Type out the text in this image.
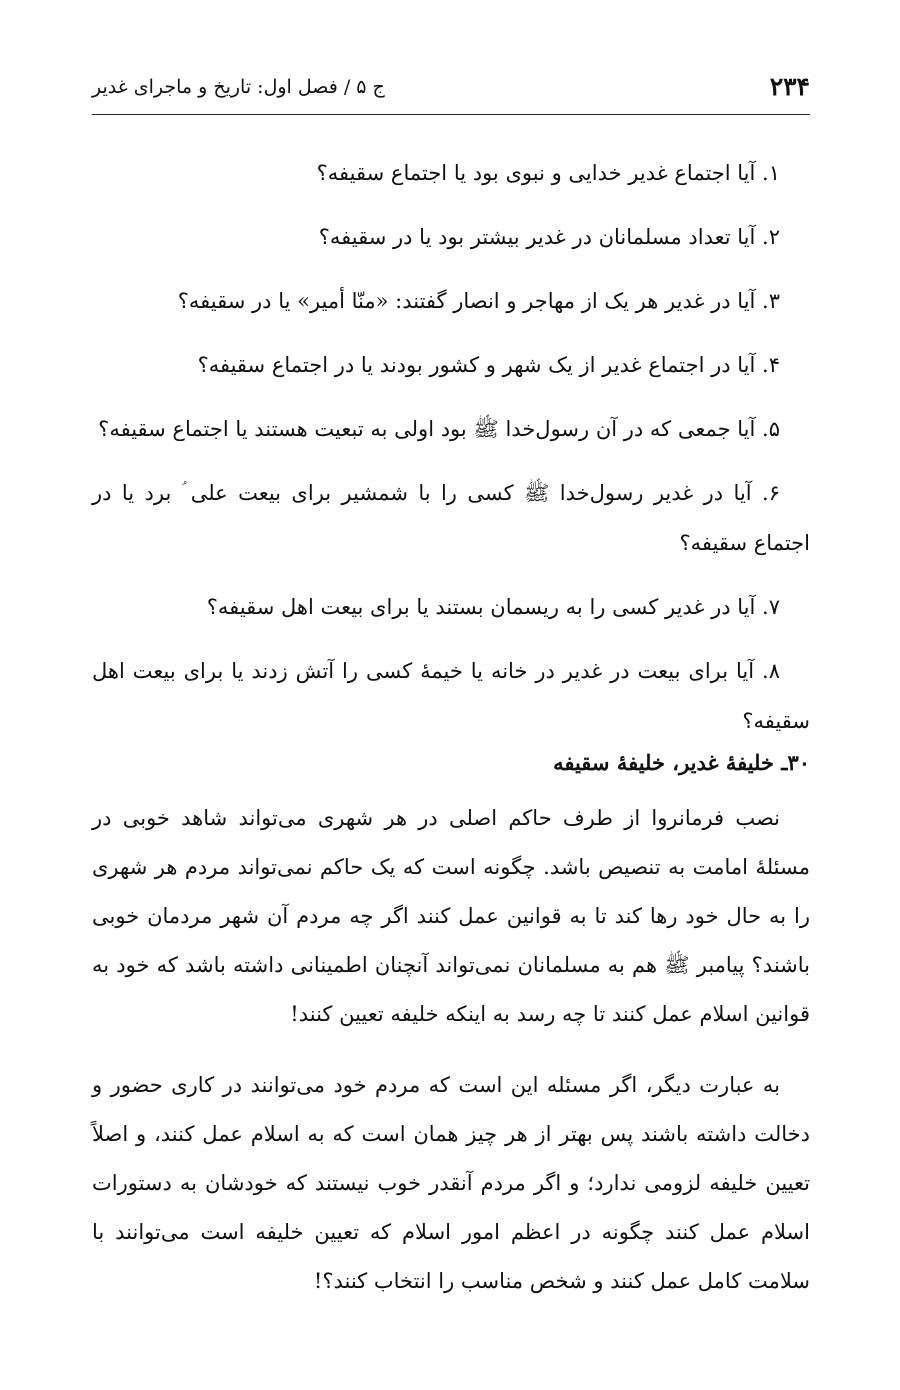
۲۳۴
ج ۵ / فصل اول: تاریخ و ماجرای غدیر

۱. آیا اجتماع غدیر خدایی و نبوی بود یا اجتماع سقیفه؟

۲. آیا تعداد مسلمانان در غدیر بیشتر بود یا در سقیفه؟

۳. آیا در غدیر هر یک از مهاجر و انصار گفتند: «منّا أمیر» یا در سقیفه؟

۴. آیا در اجتماع غدیر از یک شهر و کشور بودند یا در اجتماع سقیفه؟

۵. آیا جمعی که در آن رسول‌خدا ﷺ بود اولی به تبعیت هستند یا اجتماع سقیفه؟

۶. آیا در غدیر رسول‌خدا ﷺ کسی را با شمشیر برای بیعت علی ؑ برد یا در اجتماع سقیفه؟

۷. آیا در غدیر کسی را به ریسمان بستند یا برای بیعت اهل سقیفه؟

۸. آیا برای بیعت در غدیر در خانه یا خیمهٔ کسی را آتش زدند یا برای بیعت اهل سقیفه؟

۳۰ـ خلیفهٔ غدیر، خلیفهٔ سقیفه

نصب فرمانروا از طرف حاکم اصلی در هر شهری می‌تواند شاهد خوبی در مسئلهٔ امامت به تنصیص باشد. چگونه است که یک حاکم نمی‌تواند مردم هر شهری را به حال خود رها کند تا به قوانین عمل کنند اگر چه مردم آن شهر مردمان خوبی باشند؟ پیامبر ﷺ هم به مسلمانان نمی‌تواند آنچنان اطمینانی داشته باشد که خود به قوانین اسلام عمل کنند تا چه رسد به اینکه خلیفه تعیین کنند!

به عبارت دیگر، اگر مسئله این است که مردم خود می‌توانند در کاری حضور و دخالت داشته باشند پس بهتر از هر چیز همان است که به اسلام عمل کنند، و اصلاً تعیین خلیفه لزومی ندارد؛ و اگر مردم آنقدر خوب نیستند که خودشان به دستورات اسلام عمل کنند چگونه در اعظم امور اسلام که تعیین خلیفه است می‌توانند با سلامت کامل عمل کنند و شخص مناسب را انتخاب کنند؟!
